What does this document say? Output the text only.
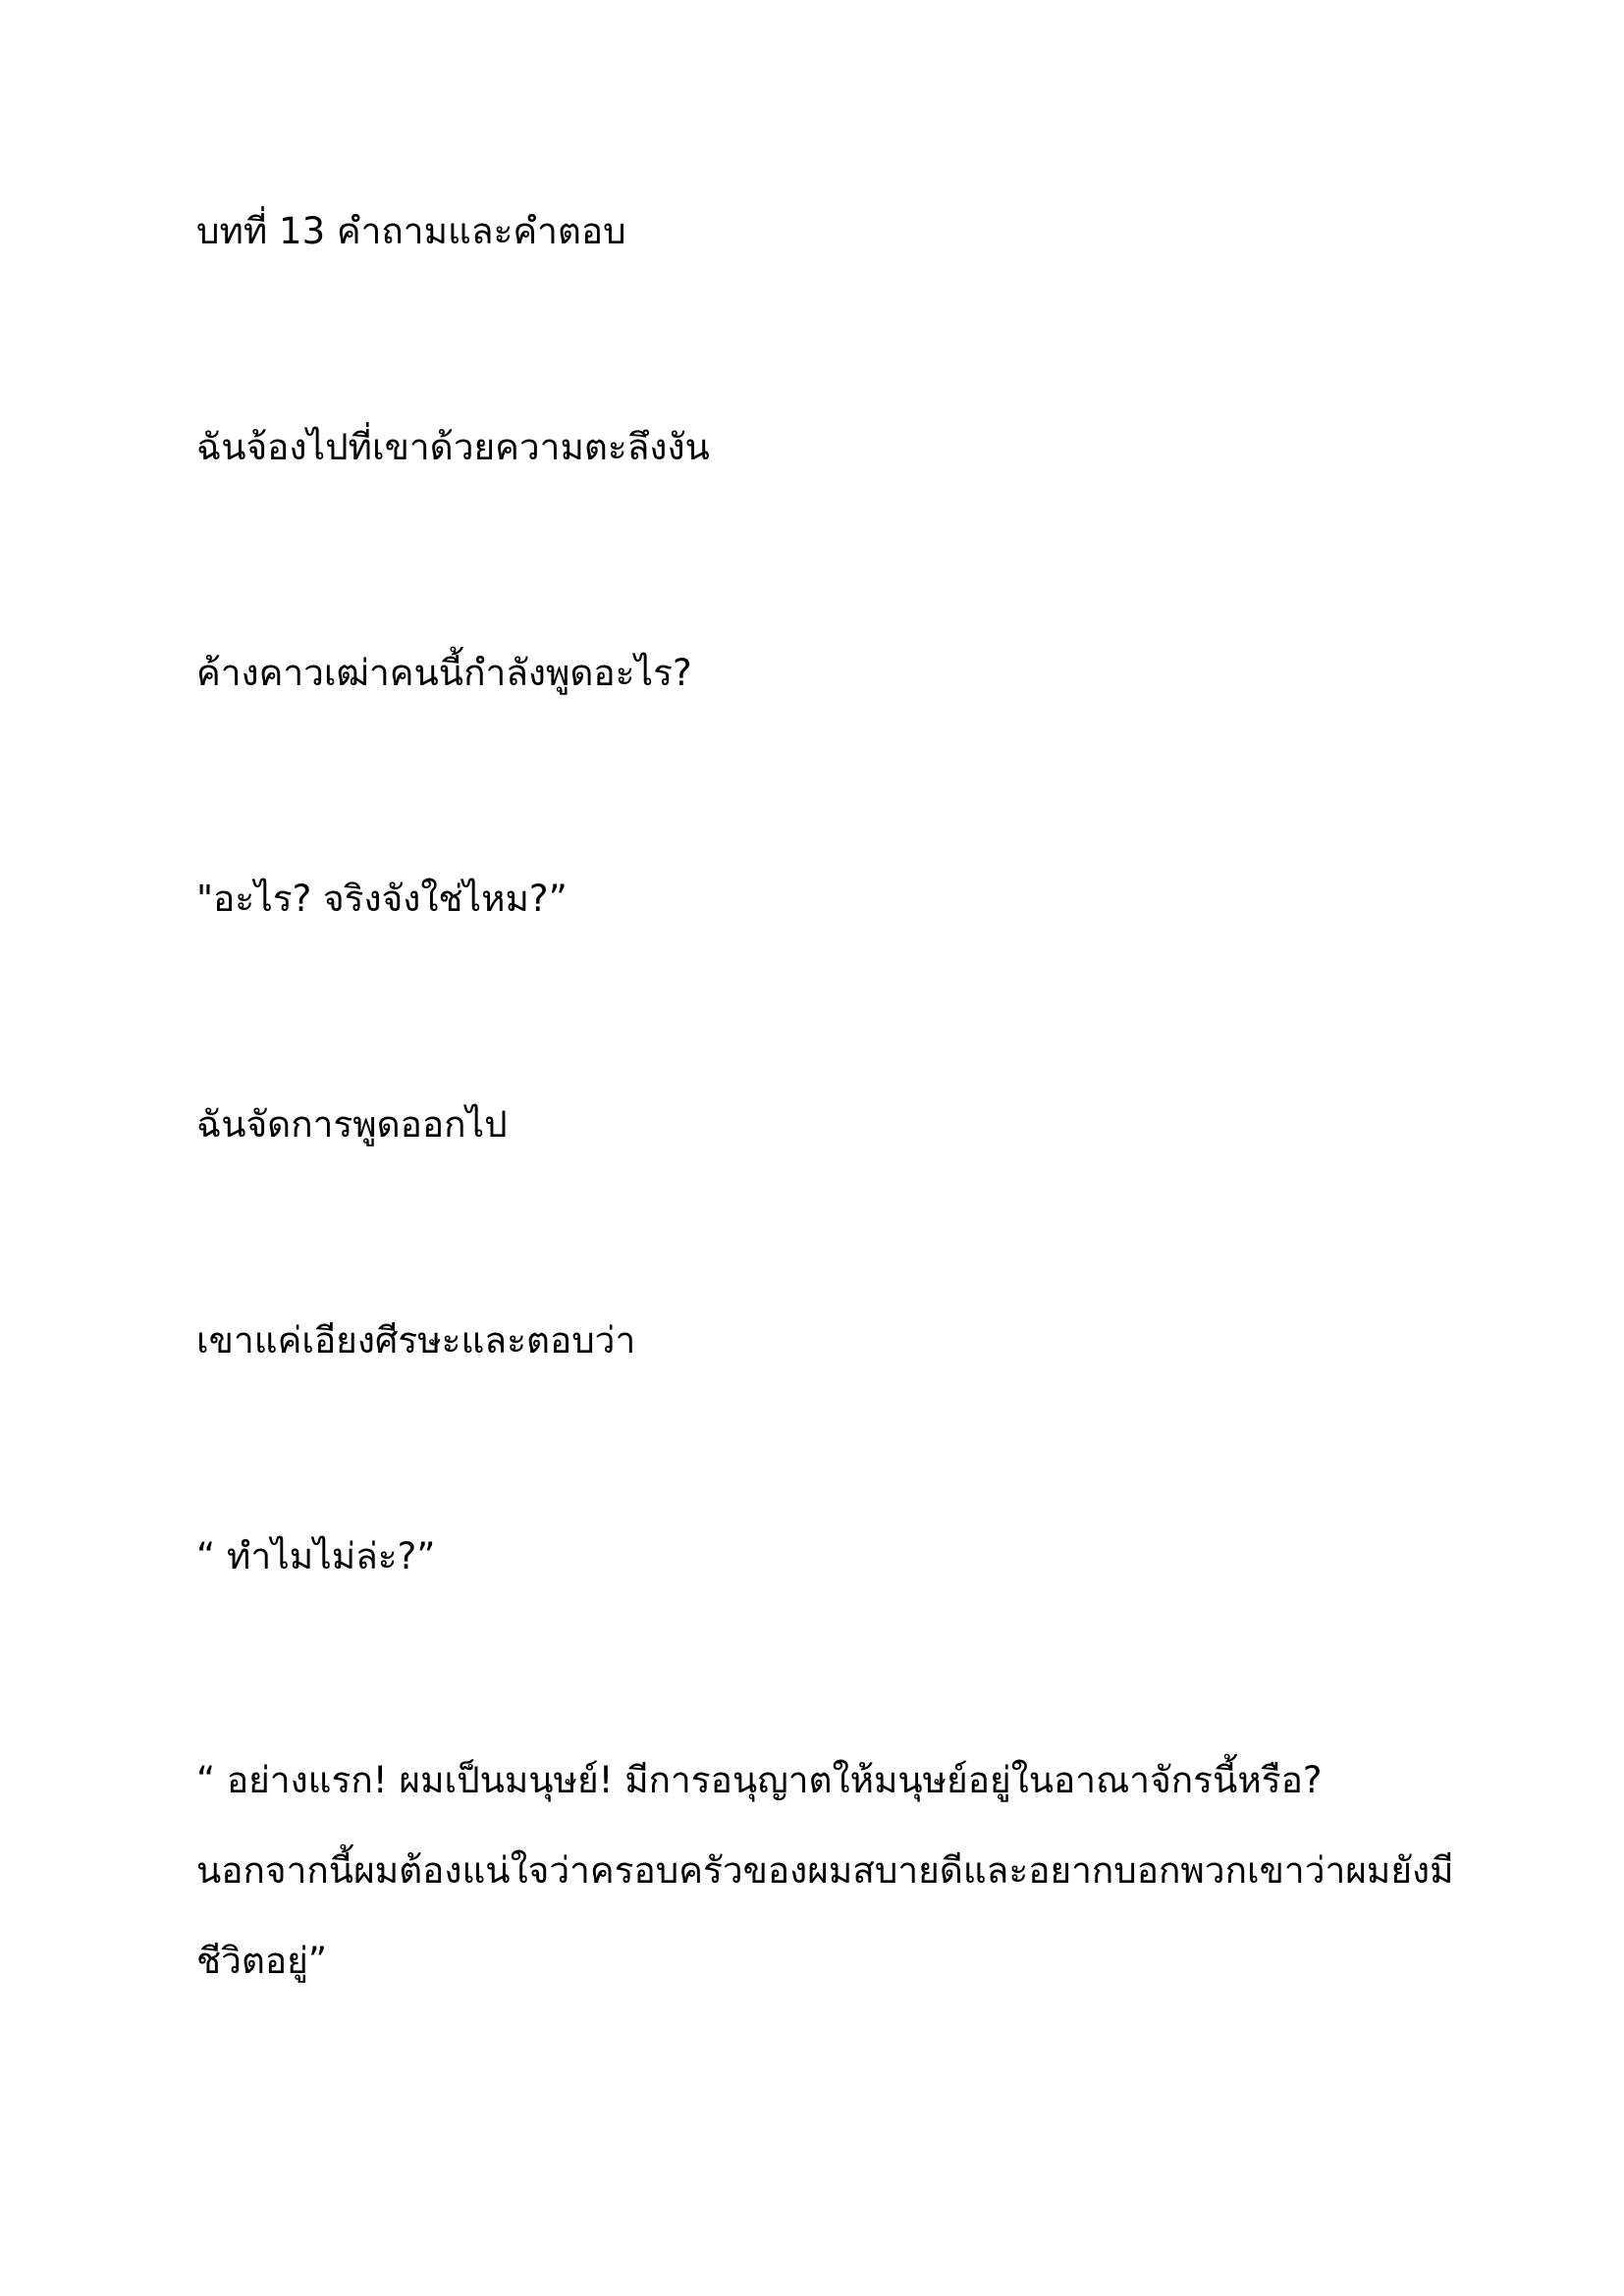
บทที่ 13 คำถามและคำตอบ

ฉันจ้องไปที่เขาด้วยความตะลึงงัน

ค้างคาวเฒ่าคนนี้กำลังพูดอะไร?

"อะไร? จริงจังใช่ไหม?”

ฉันจัดการพูดออกไป

เขาแค่เอียงศีรษะและตอบว่า

“ ทำไมไม่ล่ะ?”

“ อย่างแรก! ผมเป็นมนุษย์! มีการอนุญาตให้มนุษย์อยู่ในอาณาจักรนี้หรือ?
นอกจากนี้ผมต้องแน่ใจว่าครอบครัวของผมสบายดีและอยากบอกพวกเขาว่าผมยังมี
ชีวิตอยู่”
